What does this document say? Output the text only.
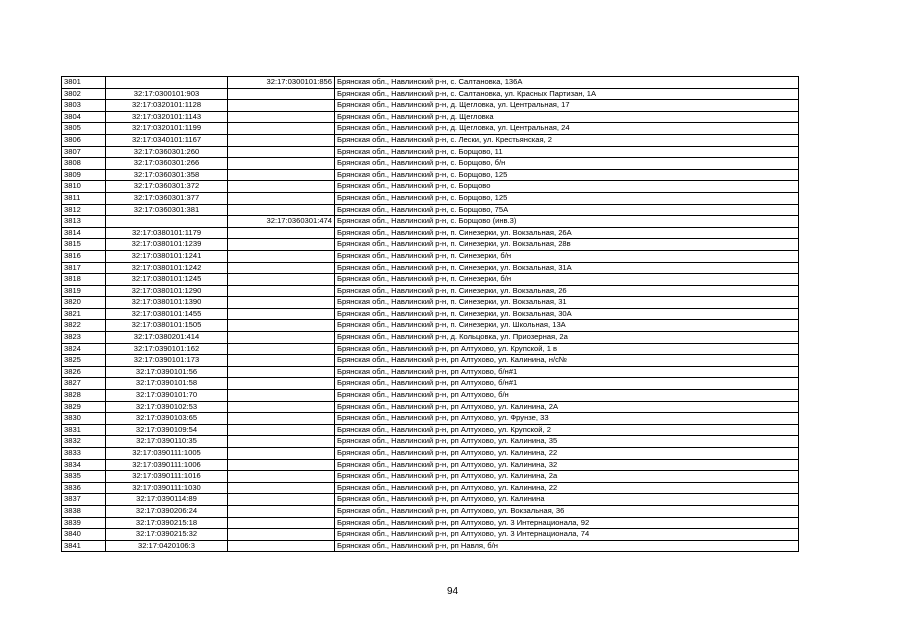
3801		32:17:0300101:856	Брянская обл., Навлинский р-н, с. Салтановка, 136А
3802	32:17:0300101:903		Брянская обл., Навлинский р-н, с. Салтановка, ул. Красных Партизан, 1А
3803	32:17:0320101:1128		Брянская обл., Навлинский р-н, д. Щегловка, ул. Центральная, 17
3804	32:17:0320101:1143		Брянская обл., Навлинский р-н, д. Щегловка
3805	32:17:0320101:1199		Брянская обл., Навлинский р-н, д. Щегловка, ул. Центральная, 24
3806	32:17:0340101:1167		Брянская обл., Навлинский р-н, с. Лески, ул. Крестьянская, 2
3807	32:17:0360301:260		Брянская обл., Навлинский р-н, с. Борщово, 11
3808	32:17:0360301:266		Брянская обл., Навлинский р-н, с. Борщово, б/н
3809	32:17:0360301:358		Брянская обл., Навлинский р-н, с. Борщово, 125
3810	32:17:0360301:372		Брянская обл., Навлинский р-н, с. Борщово
3811	32:17:0360301:377		Брянская обл., Навлинский р-н, с. Борщово, 125
3812	32:17:0360301:381		Брянская обл., Навлинский р-н, с. Борщово, 75А
3813		32:17:0360301:474	Брянская обл., Навлинский р-н, с. Борщово (инв.3)
3814	32:17:0380101:1179		Брянская обл., Навлинский р-н, п. Синезерки, ул. Вокзальная, 26А
3815	32:17:0380101:1239		Брянская обл., Навлинский р-н, п. Синезерки, ул. Вокзальная, 28в
3816	32:17:0380101:1241		Брянская обл., Навлинский р-н, п. Синезерки, б/н
3817	32:17:0380101:1242		Брянская обл., Навлинский р-н, п. Синезерки, ул. Вокзальная, 31А
3818	32:17:0380101:1245		Брянская обл., Навлинский р-н, п. Синезерки, б/н
3819	32:17:0380101:1290		Брянская обл., Навлинский р-н, п. Синезерки, ул. Вокзальная, 26
3820	32:17:0380101:1390		Брянская обл., Навлинский р-н, п. Синезерки, ул. Вокзальная, 31
3821	32:17:0380101:1455		Брянская обл., Навлинский р-н, п. Синезерки, ул. Вокзальная, 30А
3822	32:17:0380101:1505		Брянская обл., Навлинский р-н, п. Синезерки, ул. Школьная, 13А
3823	32:17:0380201:414		Брянская обл., Навлинский р-н, д. Кольцовка, ул. Приозерная, 2а
3824	32:17:0390101:162		Брянская обл., Навлинский р-н, рп Алтухово, ул. Крупской, 1 в
3825	32:17:0390101:173		Брянская обл., Навлинский р-н, рп Алтухово, ул. Калинина, н/с№
3826	32:17:0390101:56		Брянская обл., Навлинский р-н, рп Алтухово, б/н#1
3827	32:17:0390101:58		Брянская обл., Навлинский р-н, рп Алтухово, б/н#1
3828	32:17:0390101:70		Брянская обл., Навлинский р-н, рп Алтухово, б/н
3829	32:17:0390102:53		Брянская обл., Навлинский р-н, рп Алтухово, ул. Калинина, 2А
3830	32:17:0390103:65		Брянская обл., Навлинский р-н, рп Алтухово, ул. Фрунзе, 33
3831	32:17:0390109:54		Брянская обл., Навлинский р-н, рп Алтухово, ул. Крупской, 2
3832	32:17:0390110:35		Брянская обл., Навлинский р-н, рп Алтухово, ул. Калинина, 35
3833	32:17:0390111:1005		Брянская обл., Навлинский р-н, рп Алтухово, ул. Калинина, 22
3834	32:17:0390111:1006		Брянская обл., Навлинский р-н, рп Алтухово, ул. Калинина, 32
3835	32:17:0390111:1016		Брянская обл., Навлинский р-н, рп Алтухово, ул. Калинина, 2а
3836	32:17:0390111:1030		Брянская обл., Навлинский р-н, рп Алтухово, ул. Калинина, 22
3837	32:17:0390114:89		Брянская обл., Навлинский р-н, рп Алтухово, ул. Калинина
3838	32:17:0390206:24		Брянская обл., Навлинский р-н, рп Алтухово, ул. Вокзальная, 36
3839	32:17:0390215:18		Брянская обл., Навлинский р-н, рп Алтухово, ул. 3 Интернационала, 92
3840	32:17:0390215:32		Брянская обл., Навлинский р-н, рп Алтухово, ул. 3 Интернационала, 74
3841	32:17:0420106:3		Брянская обл., Навлинский р-н, рп Навля, б/н
94
